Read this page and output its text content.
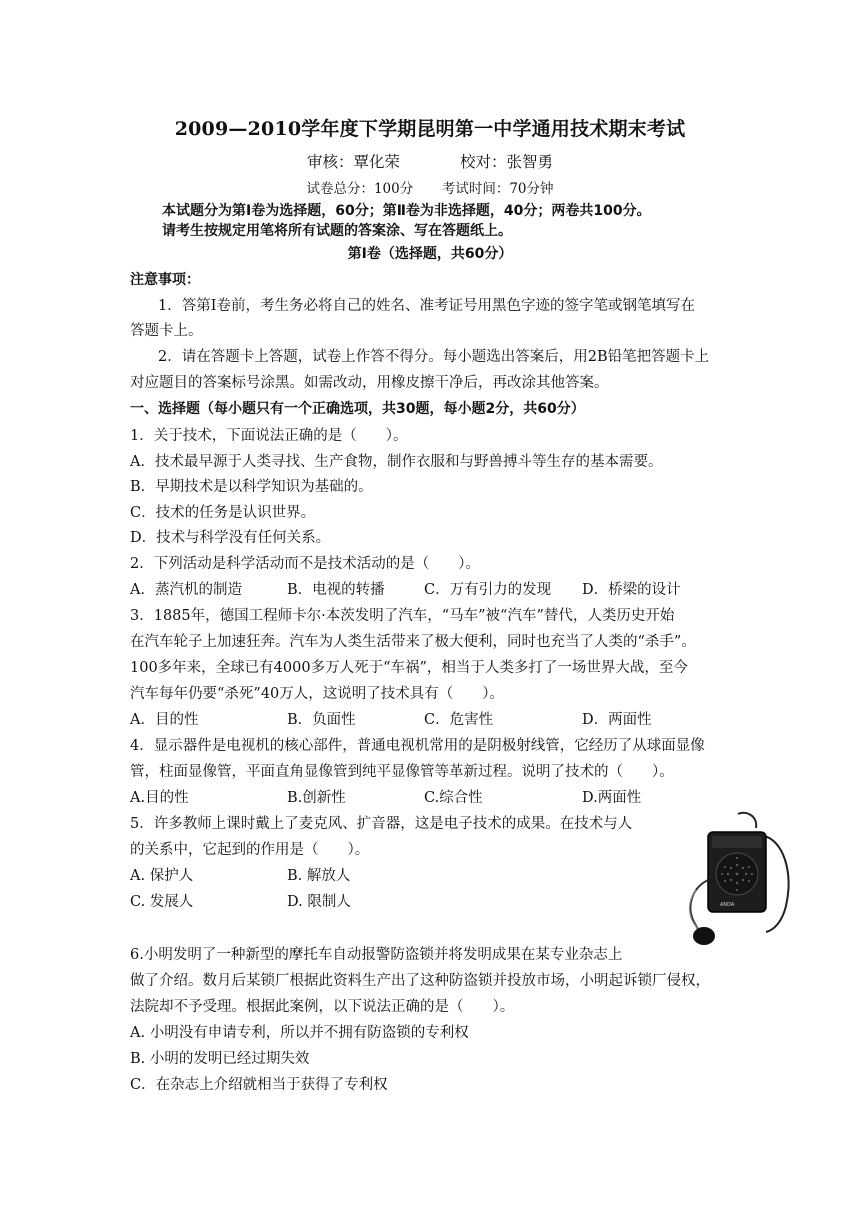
2009—2010学年度下学期昆明第一中学通用技术期末考试
审核：覃化荣	校对：张智勇
试卷总分：100分 考试时间：70分钟
本试题分为第Ⅰ卷为选择题，60分；第Ⅱ卷为非选择题，40分；两卷共100分。
请考生按规定用笔将所有试题的答案涂、写在答题纸上。
第Ⅰ卷（选择题，共60分）
注意事项：
1．答第Ⅰ卷前，考生务必将自己的姓名、准考证号用黑色字迹的签字笔或钢笔填写在
答题卡上。
2．请在答题卡上答题，试卷上作答不得分。每小题选出答案后，用2B铅笔把答题卡上
对应题目的答案标号涂黑。如需改动，用橡皮擦干净后，再改涂其他答案。
一、选择题（每小题只有一个正确选项，共30题，每小题2分，共60分）
1．关于技术，下面说法正确的是（　　）。
A．技术最早源于人类寻找、生产食物，制作衣服和与野兽搏斗等生存的基本需要。
B．早期技术是以科学知识为基础的。
C．技术的任务是认识世界。
D．技术与科学没有任何关系。
2．下列活动是科学活动而不是技术活动的是（　　）。
A．蒸汽机的制造	B．电视的转播	C．万有引力的发现 D．桥梁的设计
3．1885年，德国工程师卡尔·本茨发明了汽车，“马车”被“汽车”替代，人类历史开始
在汽车轮子上加速狂奔。汽车为人类生活带来了极大便利，同时也充当了人类的“杀手”。
100多年来，全球已有4000多万人死于“车祸”，相当于人类多打了一场世界大战，至今
汽车每年仍要“杀死”40万人，这说明了技术具有（　　）。
A．目的性	B．负面性	C．危害性	D．两面性
4．显示器件是电视机的核心部件，普通电视机常用的是阴极射线管，它经历了从球面显像
管，柱面显像管，平面直角显像管到纯平显像管等革新过程。说明了技术的（　　）。
A.目的性	B.创新性	C.综合性	D.两面性
5．许多教师上课时戴上了麦克风、扩音器，这是电子技术的成果。在技术与人
的关系中，它起到的作用是（　　）。
A. 保护人	B. 解放人
C. 发展人	D. 限制人	ANDA
6.小明发明了一种新型的摩托车自动报警防盗锁并将发明成果在某专业杂志上
做了介绍。数月后某锁厂根据此资料生产出了这种防盗锁并投放市场，小明起诉锁厂侵权，
法院却不予受理。根据此案例，以下说法正确的是（　　）。
A. 小明没有申请专利，所以并不拥有防盗锁的专利权
B. 小明的发明已经过期失效
C．在杂志上介绍就相当于获得了专利权
